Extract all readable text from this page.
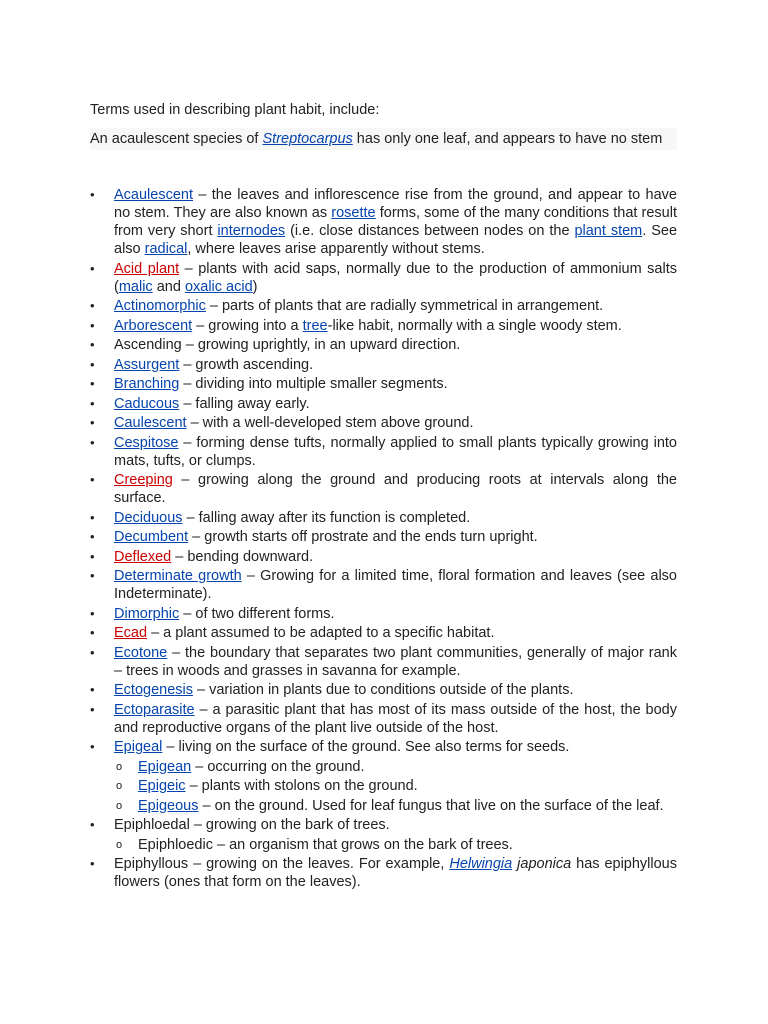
Terms used in describing plant habit, include:
An acaulescent species of Streptocarpus has only one leaf, and appears to have no stem
• Acaulescent – the leaves and inflorescence rise from the ground, and appear to have no stem. They are also known as rosette forms, some of the many conditions that result from very short internodes (i.e. close distances between nodes on the plant stem. See also radical, where leaves arise apparently without stems.
• Acid plant – plants with acid saps, normally due to the production of ammonium salts (malic and oxalic acid)
• Actinomorphic – parts of plants that are radially symmetrical in arrangement.
• Arborescent – growing into a tree-like habit, normally with a single woody stem.
• Ascending – growing uprightly, in an upward direction.
• Assurgent – growth ascending.
• Branching – dividing into multiple smaller segments.
• Caducous – falling away early.
• Caulescent – with a well-developed stem above ground.
• Cespitose – forming dense tufts, normally applied to small plants typically growing into mats, tufts, or clumps.
• Creeping – growing along the ground and producing roots at intervals along the surface.
• Deciduous – falling away after its function is completed.
• Decumbent – growth starts off prostrate and the ends turn upright.
• Deflexed – bending downward.
• Determinate growth – Growing for a limited time, floral formation and leaves (see also Indeterminate).
• Dimorphic – of two different forms.
• Ecad – a plant assumed to be adapted to a specific habitat.
• Ecotone – the boundary that separates two plant communities, generally of major rank – trees in woods and grasses in savanna for example.
• Ectogenesis – variation in plants due to conditions outside of the plants.
• Ectoparasite – a parasitic plant that has most of its mass outside of the host, the body and reproductive organs of the plant live outside of the host.
• Epigeal – living on the surface of the ground. See also terms for seeds.
o Epigean – occurring on the ground.
o Epigeic – plants with stolons on the ground.
o Epigeous – on the ground. Used for leaf fungus that live on the surface of the leaf.
• Epiphloedal – growing on the bark of trees.
o Epiphloedic – an organism that grows on the bark of trees.
• Epiphyllous – growing on the leaves. For example, Helwingia japonica has epiphyllous flowers (ones that form on the leaves).
